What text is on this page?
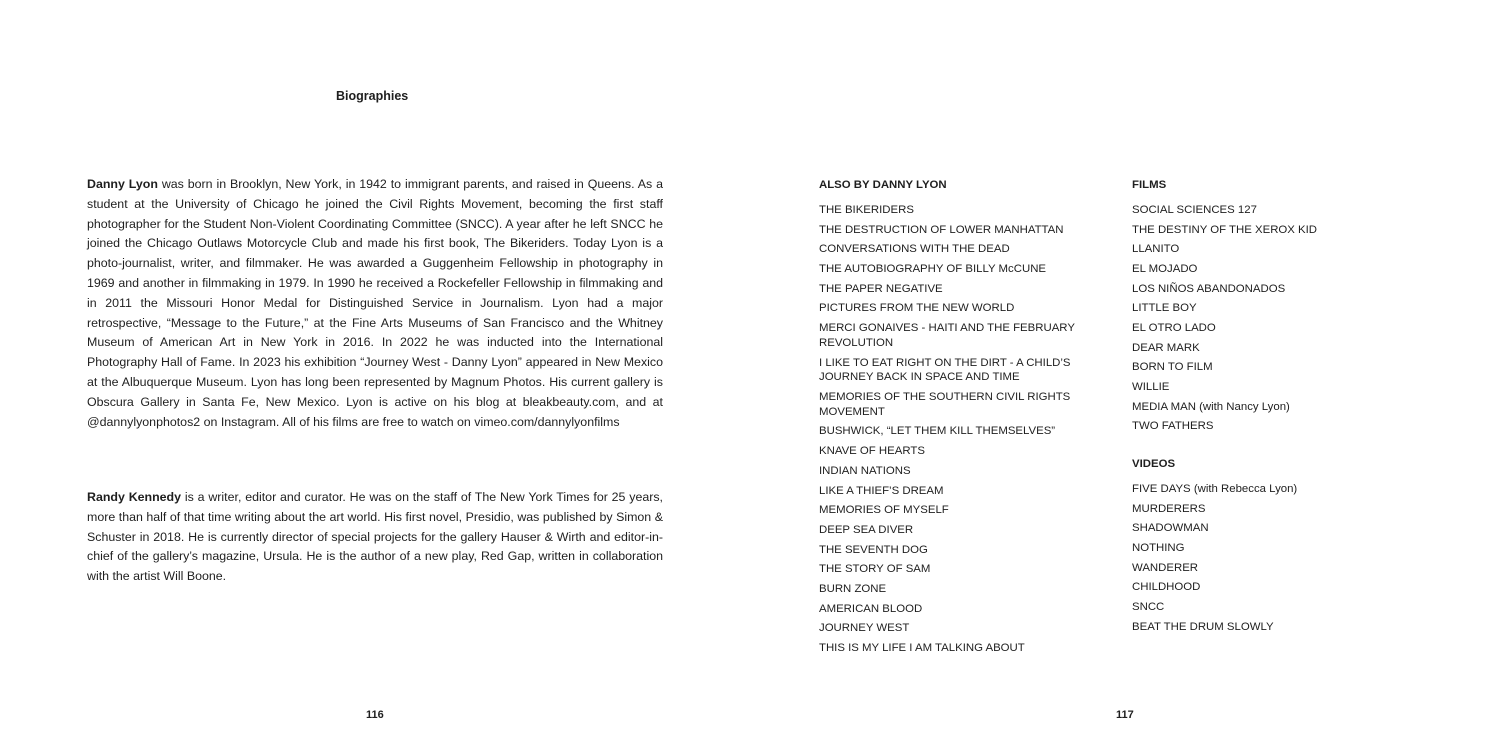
Biographies

Danny Lyon was born in Brooklyn, New York, in 1942 to immigrant parents, and raised in Queens. As a student at the University of Chicago he joined the Civil Rights Movement, becoming the first staff photographer for the Student Non-Violent Coordinating Committee (SNCC). A year after he left SNCC he joined the Chicago Outlaws Motorcycle Club and made his first book, The Bikeriders. Today Lyon is a photo-journalist, writer, and filmmaker. He was awarded a Guggenheim Fellowship in photography in 1969 and another in filmmaking in 1979. In 1990 he received a Rockefeller Fellowship in filmmaking and in 2011 the Missouri Honor Medal for Distinguished Service in Journalism. Lyon had a major retrospective, “Message to the Future,” at the Fine Arts Museums of San Francisco and the Whitney Museum of American Art in New York in 2016. In 2022 he was inducted into the International Photography Hall of Fame. In 2023 his exhibition “Journey West - Danny Lyon” appeared in New Mexico at the Albuquerque Museum. Lyon has long been represented by Magnum Photos. His current gallery is Obscura Gallery in Santa Fe, New Mexico. Lyon is active on his blog at bleakbeauty.com, and at @dannylyonphotos2 on Instagram. All of his films are free to watch on vimeo.com/dannylyonfilms

Randy Kennedy is a writer, editor and curator. He was on the staff of The New York Times for 25 years, more than half of that time writing about the art world. His first novel, Presidio, was published by Simon & Schuster in 2018. He is currently director of special projects for the gallery Hauser & Wirth and editor-in-chief of the gallery’s magazine, Ursula. He is the author of a new play, Red Gap, written in collaboration with the artist Will Boone.

116
ALSO BY DANNY LYON
THE BIKERIDERS
THE DESTRUCTION OF LOWER MANHATTAN
CONVERSATIONS WITH THE DEAD
THE AUTOBIOGRAPHY OF BILLY McCUNE
THE PAPER NEGATIVE
PICTURES FROM THE NEW WORLD
MERCI GONAIVES - HAITI AND THE FEBRUARY REVOLUTION
I LIKE TO EAT RIGHT ON THE DIRT - A CHILD’S JOURNEY BACK IN SPACE AND TIME
MEMORIES OF THE SOUTHERN CIVIL RIGHTS MOVEMENT
BUSHWICK, “LET THEM KILL THEMSELVES”
KNAVE OF HEARTS
INDIAN NATIONS
LIKE A THIEF’S DREAM
MEMORIES OF MYSELF
DEEP SEA DIVER
THE SEVENTH DOG
THE STORY OF SAM
BURN ZONE
AMERICAN BLOOD
JOURNEY WEST
THIS IS MY LIFE I AM TALKING ABOUT
FILMS
SOCIAL SCIENCES 127
THE DESTINY OF THE XEROX KID
LLANITO
EL MOJADO
LOS NIÑOS ABANDONADOS
LITTLE BOY
EL OTRO LADO
DEAR MARK
BORN TO FILM
WILLIE
MEDIA MAN (with Nancy Lyon)
TWO FATHERS
VIDEOS
FIVE DAYS (with Rebecca Lyon)
MURDERERS
SHADOWMAN
NOTHING
WANDERER
CHILDHOOD
SNCC
BEAT THE DRUM SLOWLY
117
